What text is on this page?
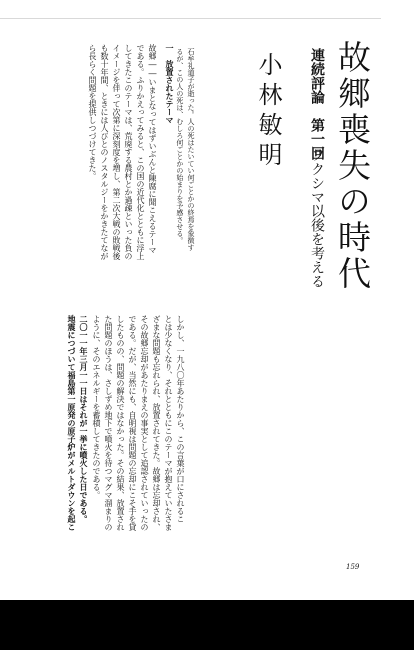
故郷喪失の時代
連続評論　第一回
フクシマ以後を考える
小林敏明

石牟礼道子が逝った。人の死はたいてい何ごとかの終焉を象徴す

るが、この人の死は、むしろ何ごとかの始まりを予感させる。

一　放置されたテーマ

故郷――いまとなってはずいぶんと陳腐に聞こえるテーマ

である。ふりかえってみると、この国の近代化とともに浮上

してきたこのテーマは、荒廃する農村とか過疎といった負の

イメージを伴って次第に深刻度を増し、第二次大戦の敗戦後

も数十年間、ときには人びとのノスタルジーをかきたてなが

ら長らく問題を提供しつづけてきた。

しかし、一九八〇年あたりから、この言葉が口にされるこ

とは少なくなり、それとともにこのテーマが抱えていたさま

ざまな問題も忘れられ、放置されてきた。故郷は忘却され、

その故郷忘却があたりまえの事実として追認されていったの

である。だが、当然にも、自明視は問題の忘却にこそ手を貸

したものの、問題の解決ではなかった。その結果、放置され

た問題のほうは、さしずめ地下で噴火を待つマグマ溜まりの

ように、そのエネルギーを蓄積してきたのである。

二〇一一年三月一一日はそれが一挙に噴火した日である。

地震につづいて福島第一原発の原子炉がメルトダウンを起こ

159
